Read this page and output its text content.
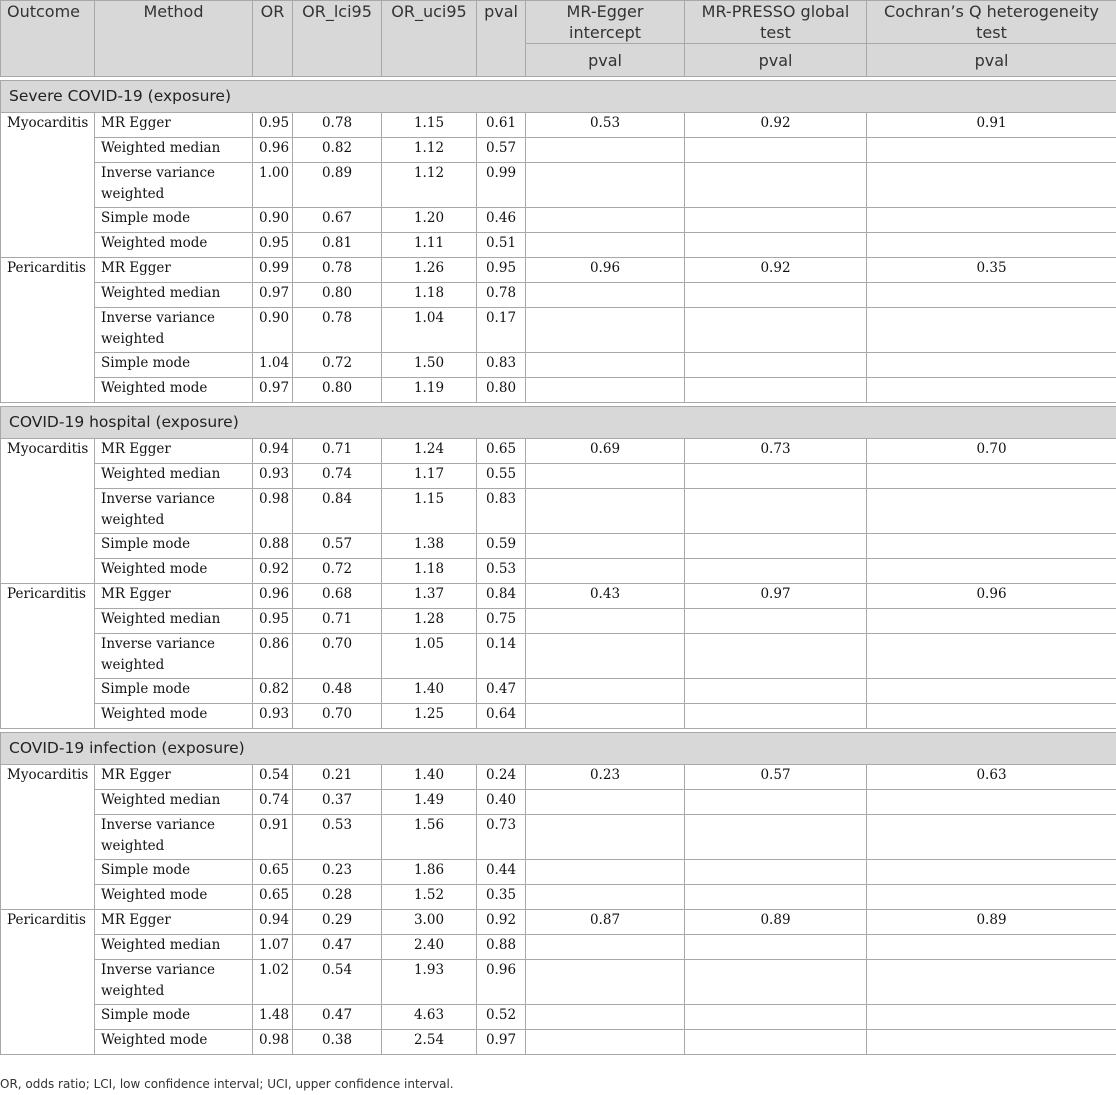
Outcome	Method	OR	OR_lci95	OR_uci95	pval	MR-Egger intercept	MR-PRESSO global test	Cochran’s Q heterogeneity test
						pval	pval	pval

Severe COVID-19 (exposure)								
Myocarditis	MR Egger	0.95	0.78	1.15	0.61	0.53	0.92	0.91
	Weighted median	0.96	0.82	1.12	0.57			
	Inverse variance weighted	1.00	0.89	1.12	0.99			
	Simple mode	0.90	0.67	1.20	0.46			
	Weighted mode	0.95	0.81	1.11	0.51			
Pericarditis	MR Egger	0.99	0.78	1.26	0.95	0.96	0.92	0.35
	Weighted median	0.97	0.80	1.18	0.78			
	Inverse variance weighted	0.90	0.78	1.04	0.17			
	Simple mode	1.04	0.72	1.50	0.83			
	Weighted mode	0.97	0.80	1.19	0.80			

COVID-19 hospital (exposure)								
Myocarditis	MR Egger	0.94	0.71	1.24	0.65	0.69	0.73	0.70
	Weighted median	0.93	0.74	1.17	0.55			
	Inverse variance weighted	0.98	0.84	1.15	0.83			
	Simple mode	0.88	0.57	1.38	0.59			
	Weighted mode	0.92	0.72	1.18	0.53			
Pericarditis	MR Egger	0.96	0.68	1.37	0.84	0.43	0.97	0.96
	Weighted median	0.95	0.71	1.28	0.75			
	Inverse variance weighted	0.86	0.70	1.05	0.14			
	Simple mode	0.82	0.48	1.40	0.47			
	Weighted mode	0.93	0.70	1.25	0.64			

COVID-19 infection (exposure)								
Myocarditis	MR Egger	0.54	0.21	1.40	0.24	0.23	0.57	0.63
	Weighted median	0.74	0.37	1.49	0.40			
	Inverse variance weighted	0.91	0.53	1.56	0.73			
	Simple mode	0.65	0.23	1.86	0.44			
	Weighted mode	0.65	0.28	1.52	0.35			
Pericarditis	MR Egger	0.94	0.29	3.00	0.92	0.87	0.89	0.89
	Weighted median	1.07	0.47	2.40	0.88			
	Inverse variance weighted	1.02	0.54	1.93	0.96			
	Simple mode	1.48	0.47	4.63	0.52			
	Weighted mode	0.98	0.38	2.54	0.97			
OR, odds ratio; LCI, low confidence interval; UCI, upper confidence interval.
